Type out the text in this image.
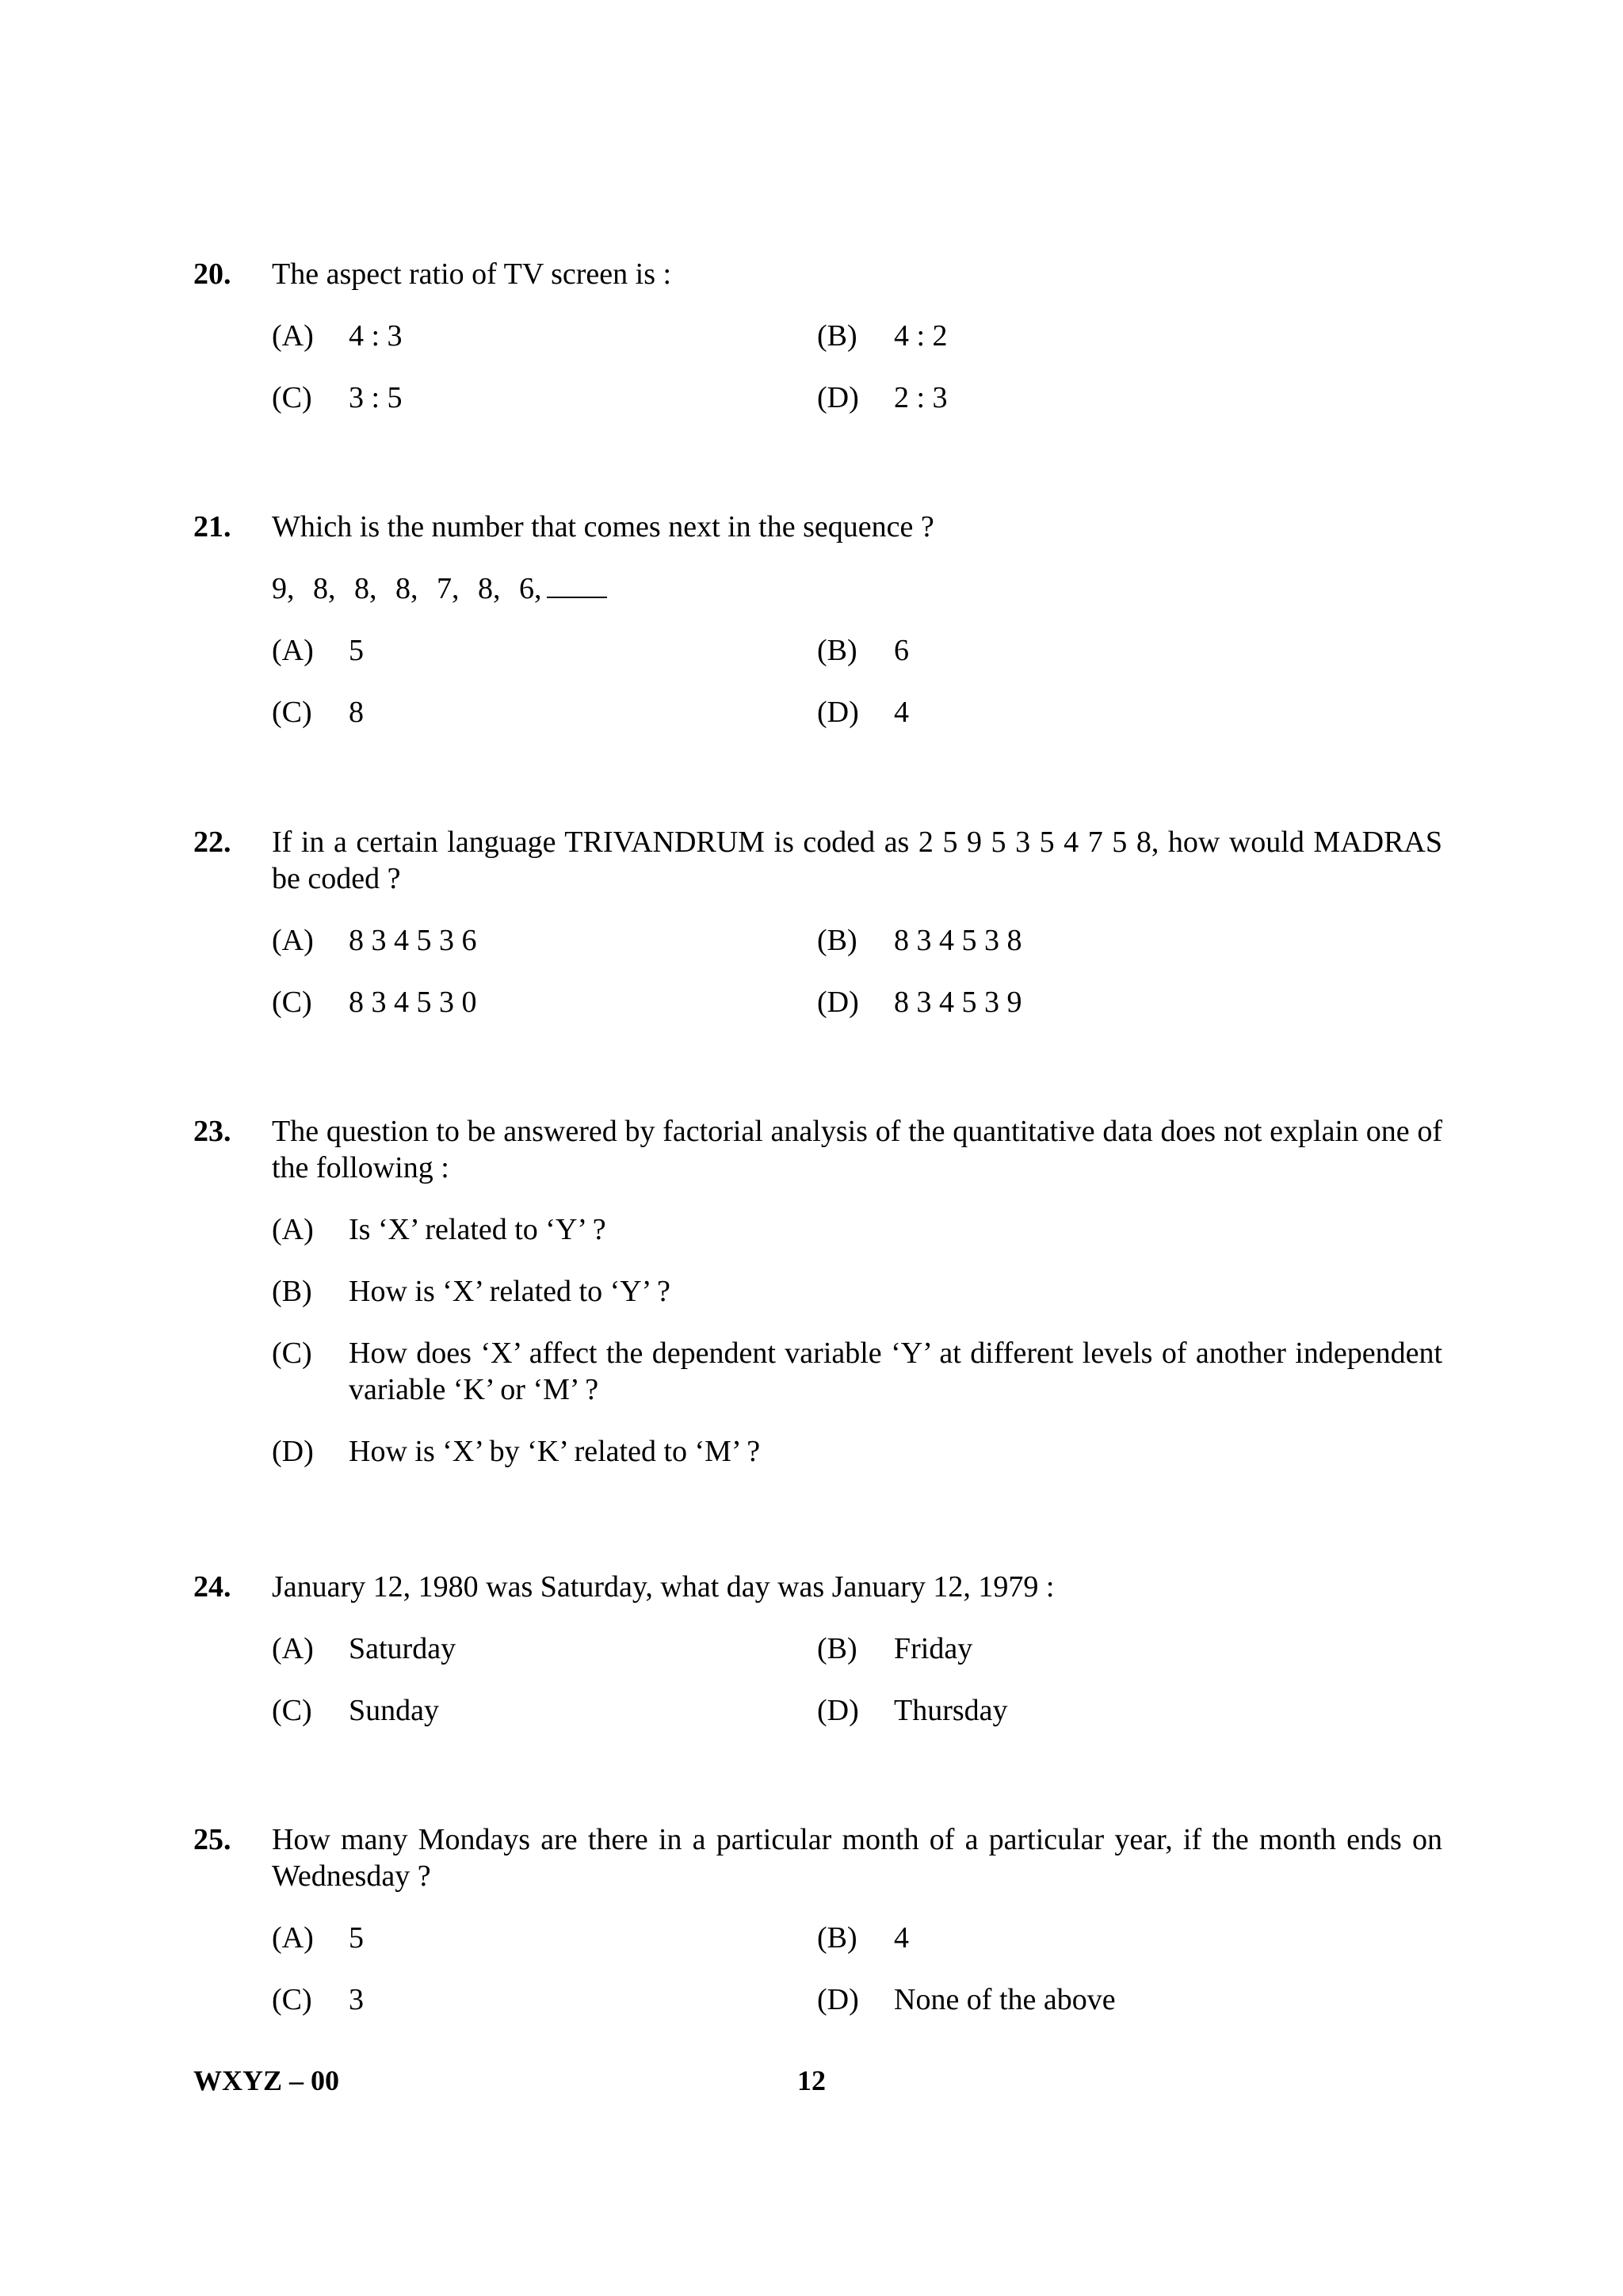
20. The aspect ratio of TV screen is :
(A)	4 : 3	(B)	4 : 2
(C)	3 : 5	(D)	2 : 3
21. Which is the number that comes next in the sequence ?
9, 8, 8, 8, 7, 8, 6,
(A)	5	(B)	6
(C)	8	(D)	4
22. If in a certain language TRIVANDRUM is coded as 2 5 9 5 3 5 4 7 5 8, how would MADRAS be coded ?
(A)	8 3 4 5 3 6	(B)	8 3 4 5 3 8
(C)	8 3 4 5 3 0	(D)	8 3 4 5 3 9
23. The question to be answered by factorial analysis of the quantitative data does not explain one of the following :
(A)	Is ‘X’ related to ‘Y’ ?
(B)	How is ‘X’ related to ‘Y’ ?
(C)	How does ‘X’ affect the dependent variable ‘Y’ at different levels of another independent variable ‘K’ or ‘M’ ?
(D)	How is ‘X’ by ‘K’ related to ‘M’ ?
24. January 12, 1980 was Saturday, what day was January 12, 1979 :
(A)	Saturday	(B)	Friday
(C)	Sunday	(D)	Thursday
25. How many Mondays are there in a particular month of a particular year, if the month ends on Wednesday ?
(A)	5	(B)	4
(C)	3	(D)	None of the above
WXYZ – 00	12
